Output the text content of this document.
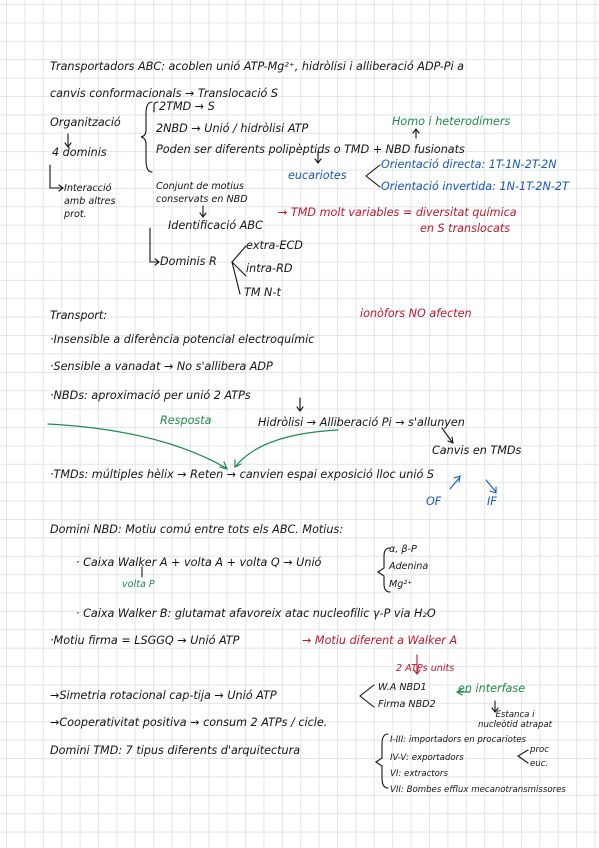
Transportadors ABC: acoblen unió ATP-Mg²⁺, hidròlisi i alliberació ADP-Pi a
canvis conformacionals → Translocació S
Organització
4 dominis
2TMD → S
2NBD → Unió / hidròlisi ATP
Poden ser diferents polipèptids o TMD + NBD fusionats
Homo i heterodímers
eucariotes
Orientació directa: 1T-1N-2T-2N
Orientació invertida: 1N-1T-2N-2T
Interacció
amb altres
prot.
Conjunt de motius
conservats en NBD
Identificació ABC
→ TMD molt variables = diversitat química
en S translocats
Dominis R
extra-ECD
intra-RD
TM N-t
Transport:	ionòfors NO afecten
·Insensible a diferència potencial electroquímic
·Sensible a vanadat → No s'allibera ADP
·NBDs: aproximació per unió 2 ATPs
Resposta	Hidròlisi → Alliberació Pi → s'allunyen
Canvis en TMDs
·TMDs: múltiples hèlix → Reten → canvien espai exposició lloc unió S
OF	IF
Domini NBD: Motiu comú entre tots els ABC. Motius:
· Caixa Walker A + volta A + volta Q → Unió
α, β-P
Adenina
Mg²⁺
volta P
· Caixa Walker B: glutamat afavoreix atac nucleofílic γ-P via H₂O
·Motiu firma = LSGGQ → Unió ATP	→ Motiu diferent a Walker A
2 ATPs units
→Simetria rotacional cap-tija → Unió ATP
W.A NBD1
Firma NBD2
en interfase
Estanca i
nucleòtid atrapat
→Cooperativitat positiva → consum 2 ATPs / cicle.
Domini TMD: 7 tipus diferents d'arquitectura
I-III: importadors en procariotes
IV-V: exportadors
VI: extractors
VII: Bombes efflux mecanotransmissores
proc
euc.
